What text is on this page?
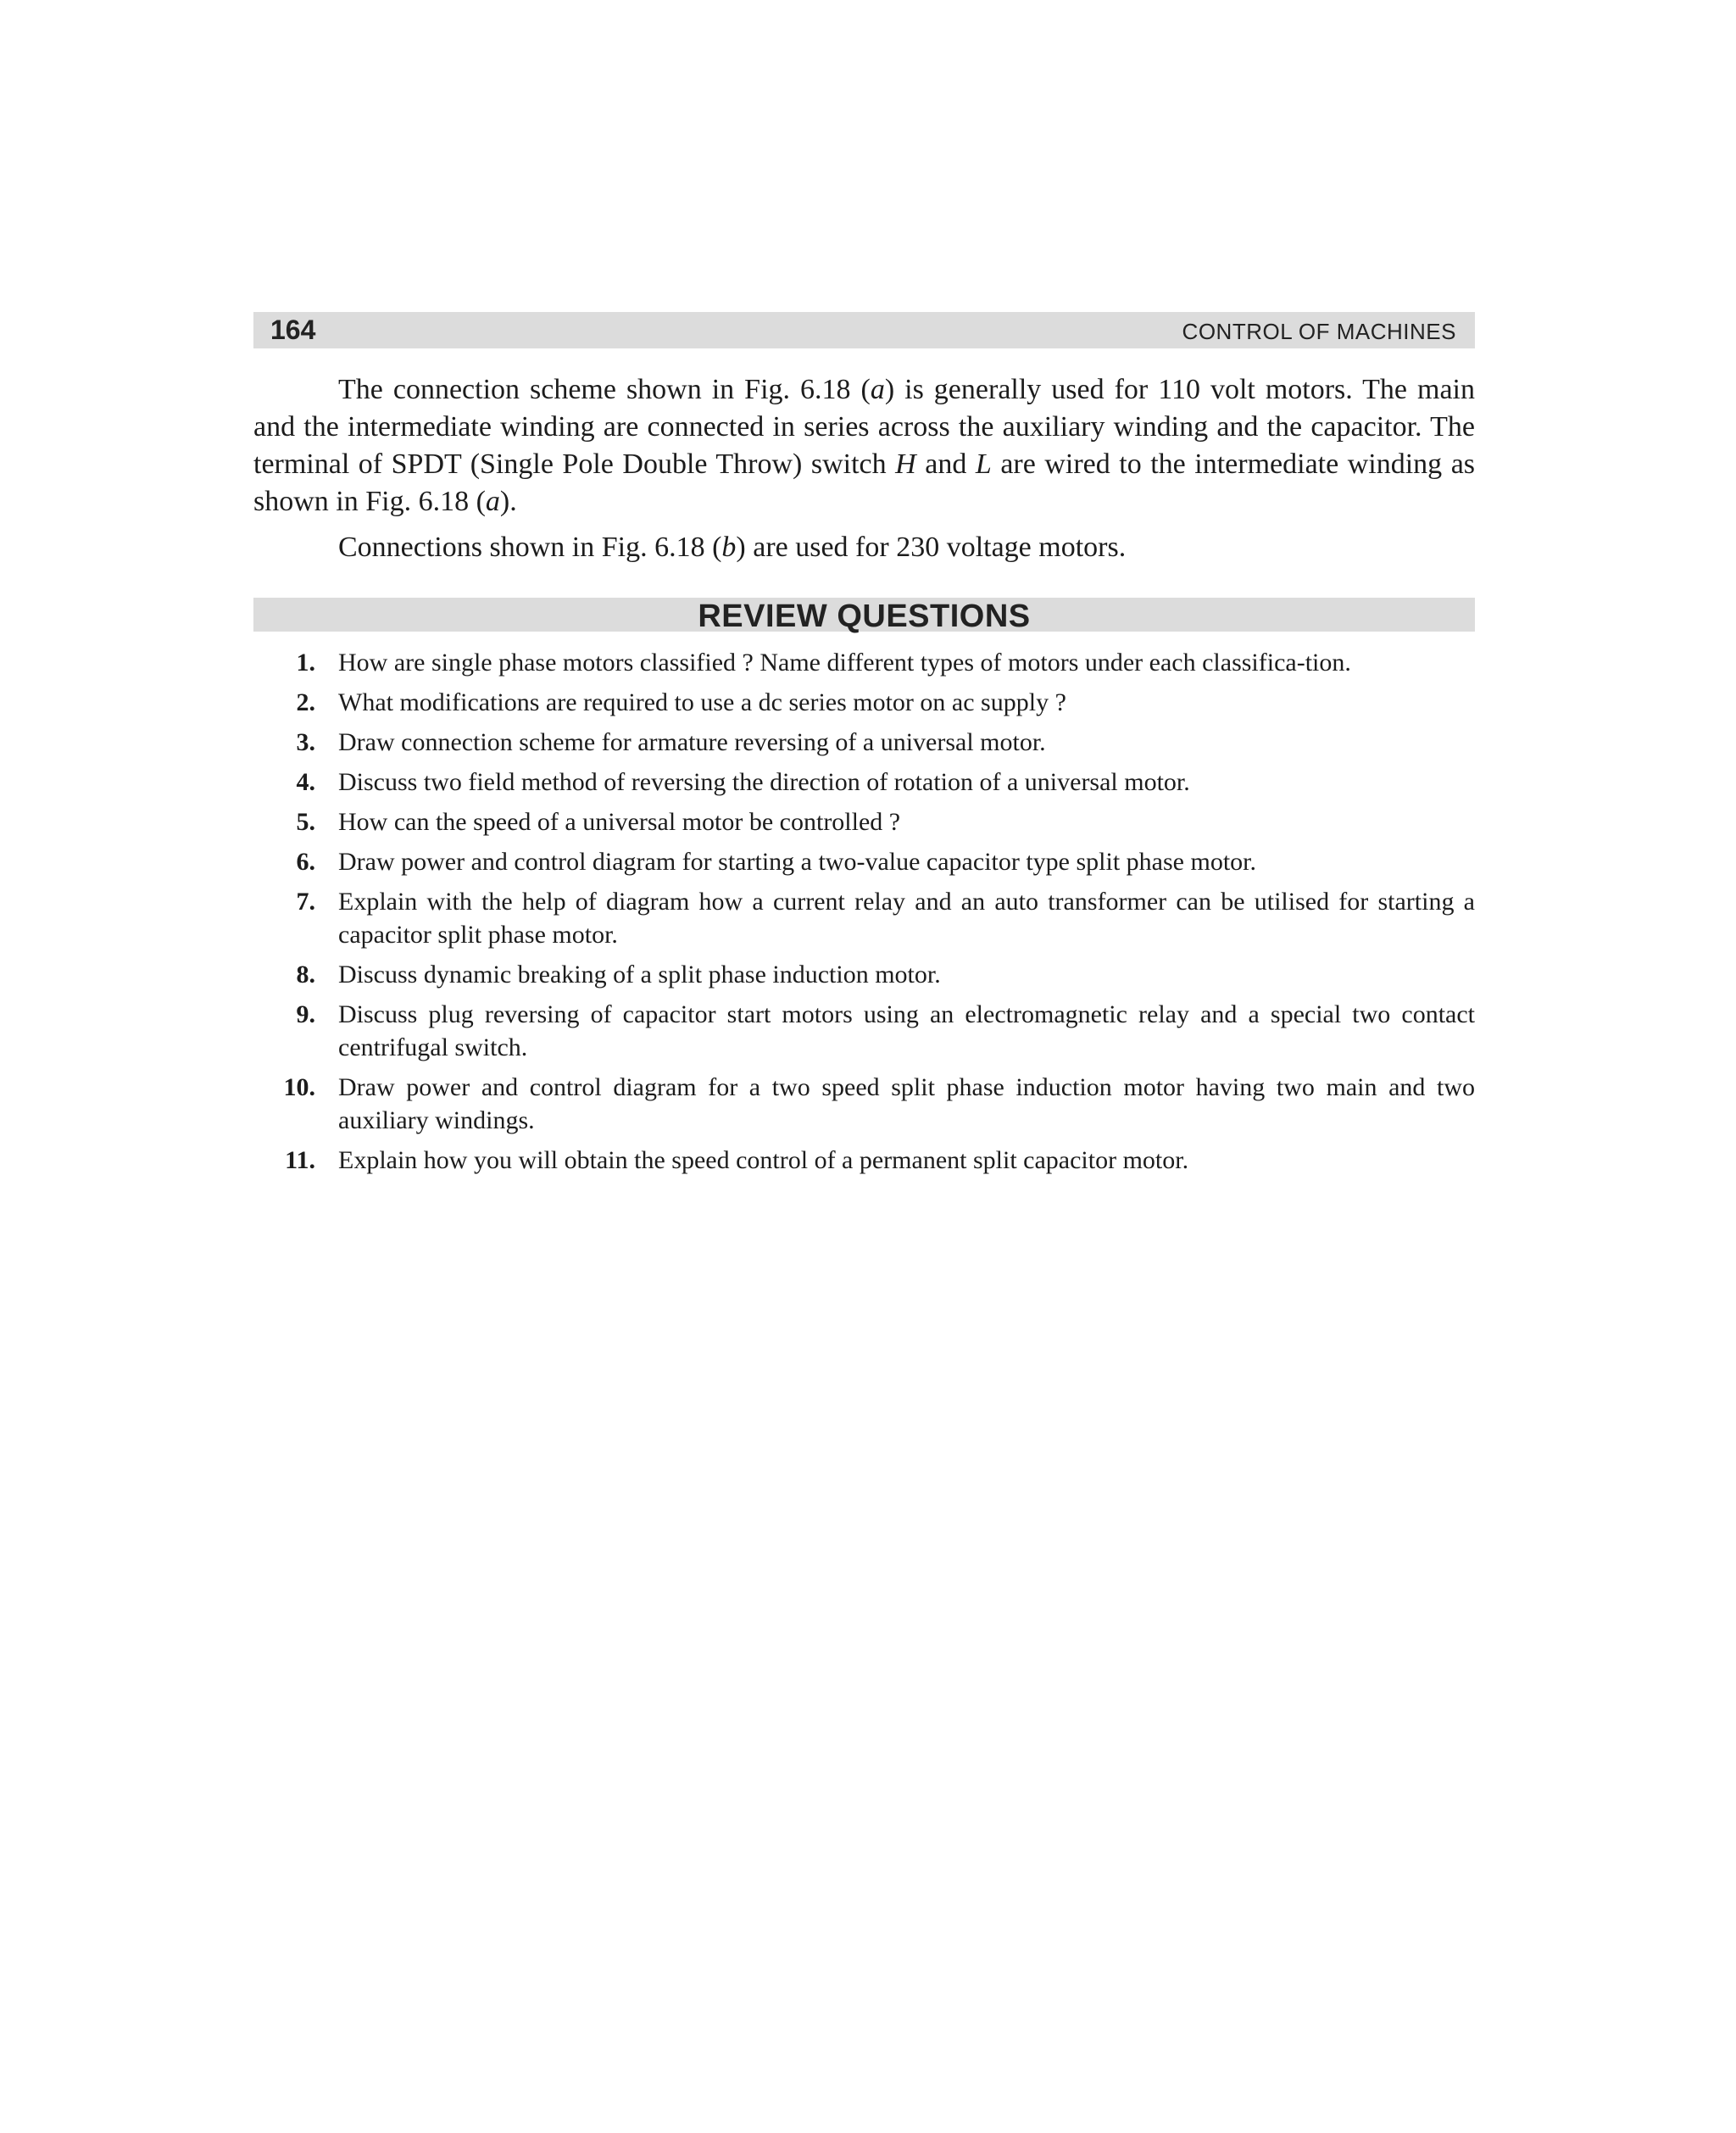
164	CONTROL OF MACHINES

The connection scheme shown in Fig. 6.18 (a) is generally used for 110 volt motors. The main and the intermediate winding are connected in series across the auxiliary winding and the capacitor. The terminal of SPDT (Single Pole Double Throw) switch H and L are wired to the intermediate winding as shown in Fig. 6.18 (a).

Connections shown in Fig. 6.18 (b) are used for 230 voltage motors.

REVIEW QUESTIONS
1. How are single phase motors classified ? Name different types of motors under each classifica-tion.
2. What modifications are required to use a dc series motor on ac supply ?
3. Draw connection scheme for armature reversing of a universal motor.
4. Discuss two field method of reversing the direction of rotation of a universal motor.
5. How can the speed of a universal motor be controlled ?
6. Draw power and control diagram for starting a two-value capacitor type split phase motor.
7. Explain with the help of diagram how a current relay and an auto transformer can be utilised for starting a capacitor split phase motor.
8. Discuss dynamic breaking of a split phase induction motor.
9. Discuss plug reversing of capacitor start motors using an electromagnetic relay and a special two contact centrifugal switch.
10. Draw power and control diagram for a two speed split phase induction motor having two main and two auxiliary windings.
11. Explain how you will obtain the speed control of a permanent split capacitor motor.
